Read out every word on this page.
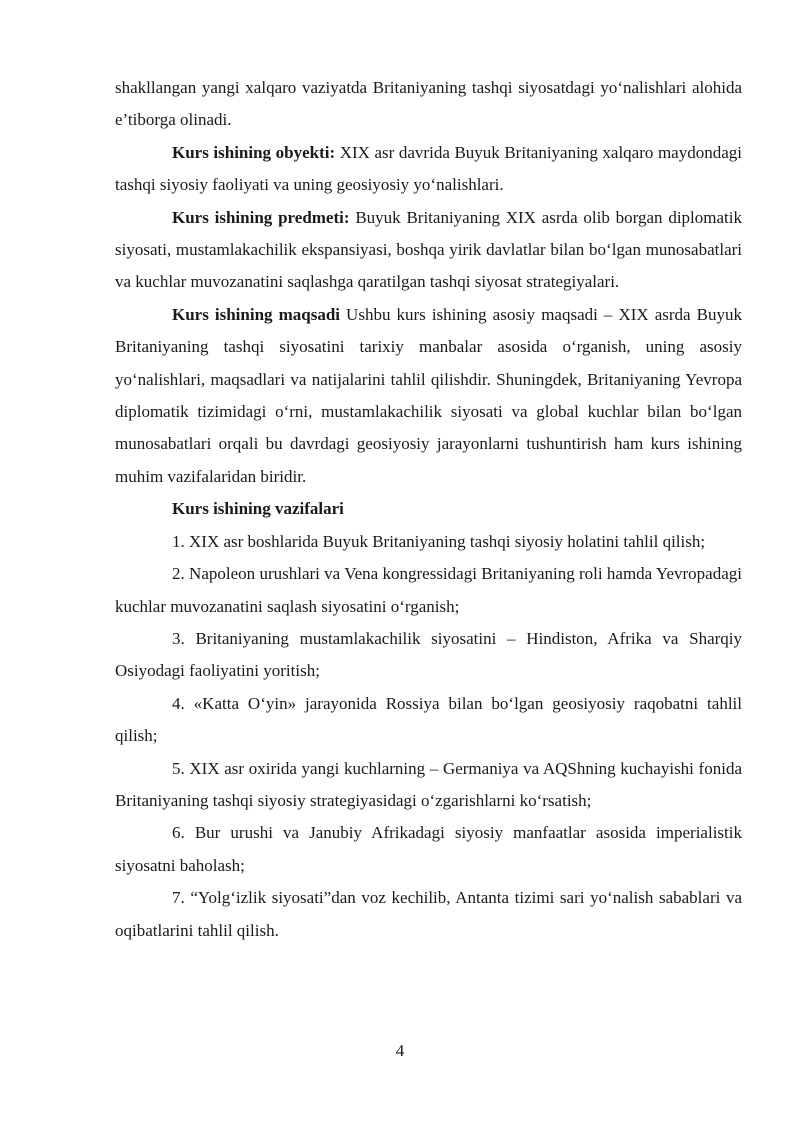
shakllangan yangi xalqaro vaziyatda Britaniyaning tashqi siyosatdagi yo‘nalishlari alohida e’tiborga olinadi.

Kurs ishining obyekti: XIX asr davrida Buyuk Britaniyaning xalqaro maydondagi tashqi siyosiy faoliyati va uning geosiyosiy yo‘nalishlari.

Kurs ishining predmeti: Buyuk Britaniyaning XIX asrda olib borgan diplomatik siyosati, mustamlakachilik ekspansiyasi, boshqa yirik davlatlar bilan bo‘lgan munosabatlari va kuchlar muvozanatini saqlashga qaratilgan tashqi siyosat strategiyalari.

Kurs ishining maqsadi Ushbu kurs ishining asosiy maqsadi – XIX asrda Buyuk Britaniyaning tashqi siyosatini tarixiy manbalar asosida o‘rganish, uning asosiy yo‘nalishlari, maqsadlari va natijalarini tahlil qilishdir. Shuningdek, Britaniyaning Yevropa diplomatik tizimidagi o‘rni, mustamlakachilik siyosati va global kuchlar bilan bo‘lgan munosabatlari orqali bu davrdagi geosiyosiy jarayonlarni tushuntirish ham kurs ishining muhim vazifalaridan biridir.

Kurs ishining vazifalari

1. XIX asr boshlarida Buyuk Britaniyaning tashqi siyosiy holatini tahlil qilish;

2. Napoleon urushlari va Vena kongressidagi Britaniyaning roli hamda Yevropadagi kuchlar muvozanatini saqlash siyosatini o‘rganish;

3. Britaniyaning mustamlakachilik siyosatini – Hindiston, Afrika va Sharqiy Osiyodagi faoliyatini yoritish;

4. «Katta O‘yin» jarayonida Rossiya bilan bo‘lgan geosiyosiy raqobatni tahlil qilish;

5. XIX asr oxirida yangi kuchlarning – Germaniya va AQShning kuchayishi fonida Britaniyaning tashqi siyosiy strategiyasidagi o‘zgarishlarni ko‘rsatish;

6. Bur urushi va Janubiy Afrikadagi siyosiy manfaatlar asosida imperialistik siyosatni baholash;

7. “Yolg‘izlik siyosati”dan voz kechilib, Antanta tizimi sari yo‘nalish sabablari va oqibatlarini tahlil qilish.

4
